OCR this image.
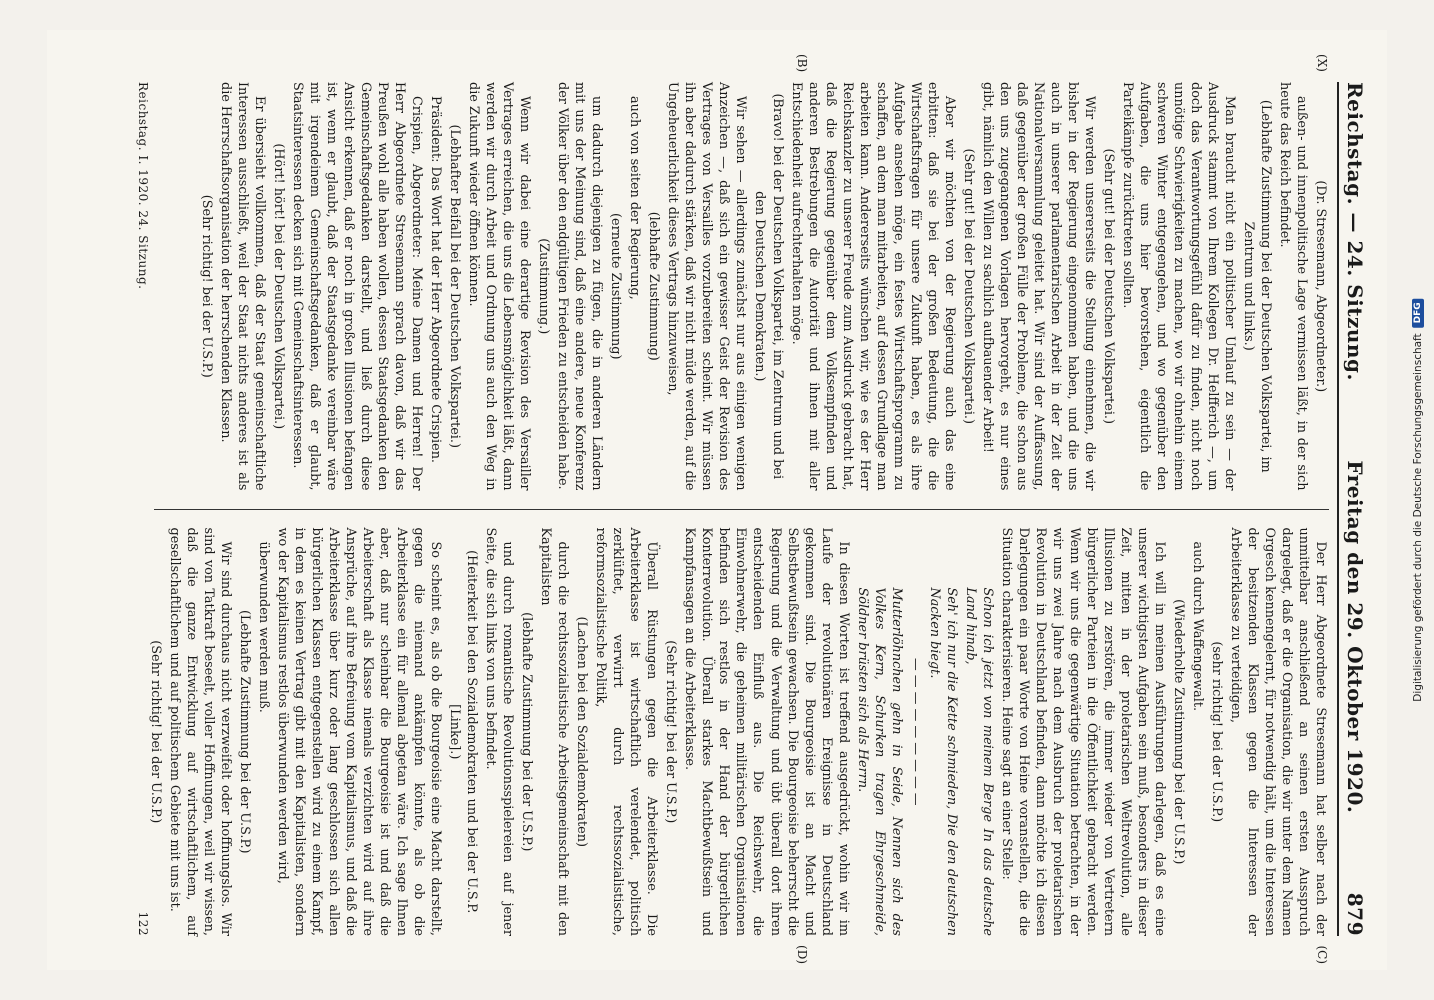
Reichstag. — 24. Sitzung.
Freitag den 29. Oktober 1920.
879
(X)
(B)

(Dr. Stresemann, Abgeordneter.)

außen- und innenpolitische Lage vermissen läßt, in der sich heute das Reich befindet.

(Lebhafte Zustimmung bei der Deutschen Volkspartei, im Zentrum und links.)

Man braucht nicht ein politischer Umlauf zu sein — der Ausdruck stammt von Ihrem Kollegen Dr. Helfferich —, um doch das Verantwortungsgefühl dafür zu finden, nicht noch unnötige Schwierigkeiten zu machen, wo wir ohnehin einem schweren Winter entgegengehen, und wo gegenüber den Aufgaben, die uns hier bevorstehen, eigentlich die Parteikämpfe zurücktreten sollten.

(Sehr gut! bei der Deutschen Volkspartei.)

Wir werden unsererseits die Stellung einnehmen, die wir bisher in der Regierung eingenommen haben, und die uns auch in unserer parlamentarischen Arbeit in der Zeit der Nationalversammlung geleitet hat. Wir sind der Auffassung, daß gegenüber der großen Fülle der Probleme, die schon aus den uns zugegangenen Vorlagen hervorgeht, es nur eines gibt, nämlich den Willen zu sachlich aufbauender Arbeit!

(Sehr gut! bei der Deutschen Volkspartei.)

Aber wir möchten von der Regierung auch das eine erbitten: daß sie bei der großen Bedeutung, die die Wirtschaftsfragen für unsere Zukunft haben, es als ihre Aufgabe ansehen möge, ein festes Wirtschaftsprogramm zu schaffen, an dem man mitarbeiten, auf dessen Grundlage man arbeiten kann. Andererseits wünschen wir, wie es der Herr Reichskanzler zu unserer Freude zum Ausdruck gebracht hat, daß die Regierung gegenüber dem Volksempfinden und anderen Bestrebungen die Autorität und ihnen mit aller Entschiedenheit aufrechterhalten möge.

(Bravo! bei der Deutschen Volkspartei, im Zentrum und bei den Deutschen Demokraten.)

Wir sehen — allerdings zunächst nur aus einigen wenigen Anzeichen —, daß sich ein gewisser Geist der Revision des Vertrages von Versailles vorzubereiten scheint. Wir müssen ihn aber dadurch stärken, daß wir nicht müde werden, auf die Ungeheuerlichkeit dieses Vertrags hinzuweisen,

(lebhafte Zustimmung)

auch von seiten der Regierung,

(erneute Zustimmung)

um dadurch diejenigen zu fügen, die in anderen Ländern mit uns der Meinung sind, daß eine andere, neue Konferenz der Völker über den endgültigen Frieden zu entscheiden habe.

(Zustimmung.)

Wenn wir dabei eine derartige Revision des Versailler Vertrages erreichen, die uns die Lebensmöglichkeit läßt, dann werden wir durch Arbeit und Ordnung uns auch den Weg in die Zukunft wieder öffnen können.

(Lebhafter Beifall bei der Deutschen Volkspartei.)

Präsident: Das Wort hat der Herr Abgeordnete Crispien.

Crispien, Abgeordneter: Meine Damen und Herren! Der Herr Abgeordnete Stresemann sprach davon, daß wir das Preußen wohl alle haben wollen, dessen Staatsgedanken den Gemeinschaftsgedanken darstellt, und ließ durch diese Ansicht erkennen, daß er noch in großen Illusionen befangen ist, wenn er glaubt, daß der Staatsgedanke vereinbar wäre mit irgendeinem Gemeinschaftsgedanken, daß er glaubt, Staatsinteressen decken sich mit Gemeinschaftsinteressen.

(Hört! hört! bei der Deutschen Volkspartei.)

Er übersieht vollkommen, daß der Staat gemeinschaftliche Interessen ausschließt, weil der Staat nichts anderes ist als die Herrschaftsorganisation der herrschenden Klassen.

(Sehr richtig! bei der U.S.P.)

(C)
(D)

Der Herr Abgeordnete Stresemann hat selber nach der unmittelbar anschließend an seinen ersten Ausspruch dargelegt, daß er die Organisation, die wir unter dem Namen Orgesch kennengelernt, für notwendig hält, um die Interessen der besitzenden Klassen gegen die Interessen der Arbeiterklasse zu verteidigen,

(sehr richtig! bei der U.S.P.)

auch durch Waffengewalt.

(Wiederholte Zustimmung bei der U.S.P.)

Ich will in meinen Ausführungen darlegen, daß es eine unserer wichtigsten Aufgaben sein muß, besonders in dieser Zeit, mitten in der proletarischen Weltrevolution, alle Illusionen zu zerstören, die immer wieder von Vertretern bürgerlicher Parteien in die Öffentlichkeit gebracht werden. Wenn wir uns die gegenwärtige Situation betrachten, in der wir uns zwei Jahre nach dem Ausbruch der proletarischen Revolution in Deutschland befinden, dann möchte ich diesen Darlegungen ein paar Worte von Heine voranstellen, die die Situation charakterisieren. Heine sagt an einer Stelle:

Schon ich jetzt von meinem Berge In das deutsche Land hinab,

Seh' ich nur die Kette schmieden, Die den deutschen Nacken biegt.

— — — — — — — — —

Mutterlöhnchen gehn in Seide, Nennen sich des Volkes Kern, Schurken tragen Ehrgeschmeide, Söldner brüsten sich als Herrn.

In diesen Worten ist treffend ausgedrückt, wohin wir im Laufe der revolutionären Ereignisse in Deutschland gekommen sind. Die Bourgeoisie ist an Macht und Selbstbewußtsein gewachsen. Die Bourgeoisie beherrscht die Regierung und die Verwaltung und übt überall dort ihren entscheidenden Einfluß aus. Die Reichswehr, die Einwohnerwehr, die geheimen militärischen Organisationen befinden sich restlos in der Hand der bürgerlichen Konterrevolution. Überall starkes Machtbewußtsein und Kampfansagen an die Arbeiterklasse.

(Sehr richtig! bei der U.S.P.)

Überall Rüstungen gegen die Arbeiterklasse. Die Arbeiterklasse ist wirtschaftlich verelendet, politisch zerklüftet, verwirrt durch rechtssozialistische, reformsozialistische Politik,

(Lachen bei den Sozialdemokraten)

durch die rechtssozialistische Arbeitsgemeinschaft mit den Kapitalisten

(lebhafte Zustimmung bei der U.S.P.)

und durch romantische Revolutionsspielereien auf jener Seite, die sich links von uns befindet.

(Heiterkeit bei den Sozialdemokraten und bei der U.S.P. [Linke].)

So scheint es, als ob die Bourgeoisie eine Macht darstellt, gegen die niemand ankämpfen könnte, als ob die Arbeiterklasse ein für allemal abgetan wäre. Ich sage Ihnen aber, daß nur scheinbar die Bourgeoisie ist und daß die Arbeiterschaft als Klasse niemals verzichten wird auf ihre Ansprüche, auf ihre Befreiung vom Kapitalismus, und daß die Arbeiterklasse über kurz oder lang geschlossen sich allen bürgerlichen Klassen entgegenstellen wird zu einem Kampf, in dem es keinen Vertrag gibt mit den Kapitalisten, sondern wo der Kapitalismus restlos überwunden werden wird,

überwunden werden muß.

(Lebhafte Zustimmung bei der U.S.P.)

Wir sind durchaus nicht verzweifelt oder hoffnungslos. Wir sind von Tatkraft beseelt, voller Hoffnungen, weil wir wissen, daß die ganze Entwicklung auf wirtschaftlichem, auf gesellschaftlichem und auf politischem Gebiete mit uns ist.

(Sehr richtig! bei der U.S.P.)

Reichstag. I. 1920. 24. Sitzung.
122
Digitalisierung gefördert durch die Deutsche Forschungsgemeinschaft
DFG
